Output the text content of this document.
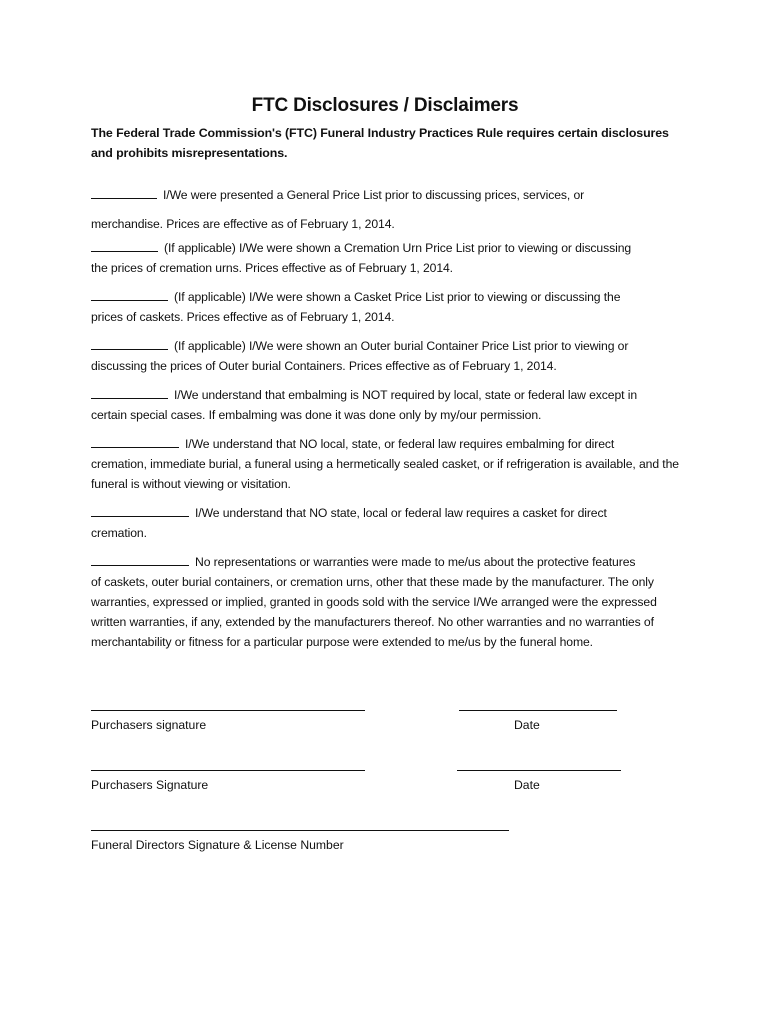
FTC Disclosures / Disclaimers
The Federal Trade Commission's (FTC) Funeral Industry Practices Rule requires certain disclosures and prohibits misrepresentations.
I/We were presented a General Price List prior to discussing prices, services, or
merchandise. Prices are effective as of February 1, 2014.
(If applicable) I/We were shown a Cremation Urn Price List prior to viewing or discussing
the prices of cremation urns. Prices effective as of February 1, 2014.
(If applicable) I/We were shown a Casket Price List prior to viewing or discussing the
prices of caskets. Prices effective as of February 1, 2014.
(If applicable) I/We were shown an Outer burial Container Price List prior to viewing or
discussing the prices of Outer burial Containers. Prices effective as of February 1, 2014.
I/We understand that embalming is NOT required by local, state or federal law except in
certain special cases. If embalming was done it was done only by my/our permission.
I/We understand that NO local, state, or federal law requires embalming for direct
cremation, immediate burial, a funeral using a hermetically sealed casket, or if refrigeration is available, and the funeral is without viewing or visitation.
I/We understand that NO state, local or federal law requires a casket for direct
cremation.
No representations or warranties were made to me/us about the protective features
of caskets, outer burial containers, or cremation urns, other that these made by the manufacturer. The only warranties, expressed or implied, granted in goods sold with the service I/We arranged were the expressed written warranties, if any, extended by the manufacturers thereof. No other warranties and no warranties of merchantability or fitness for a particular purpose were extended to me/us by the funeral home.
Purchasers signature	Date
Purchasers Signature	Date
Funeral Directors Signature & License Number
